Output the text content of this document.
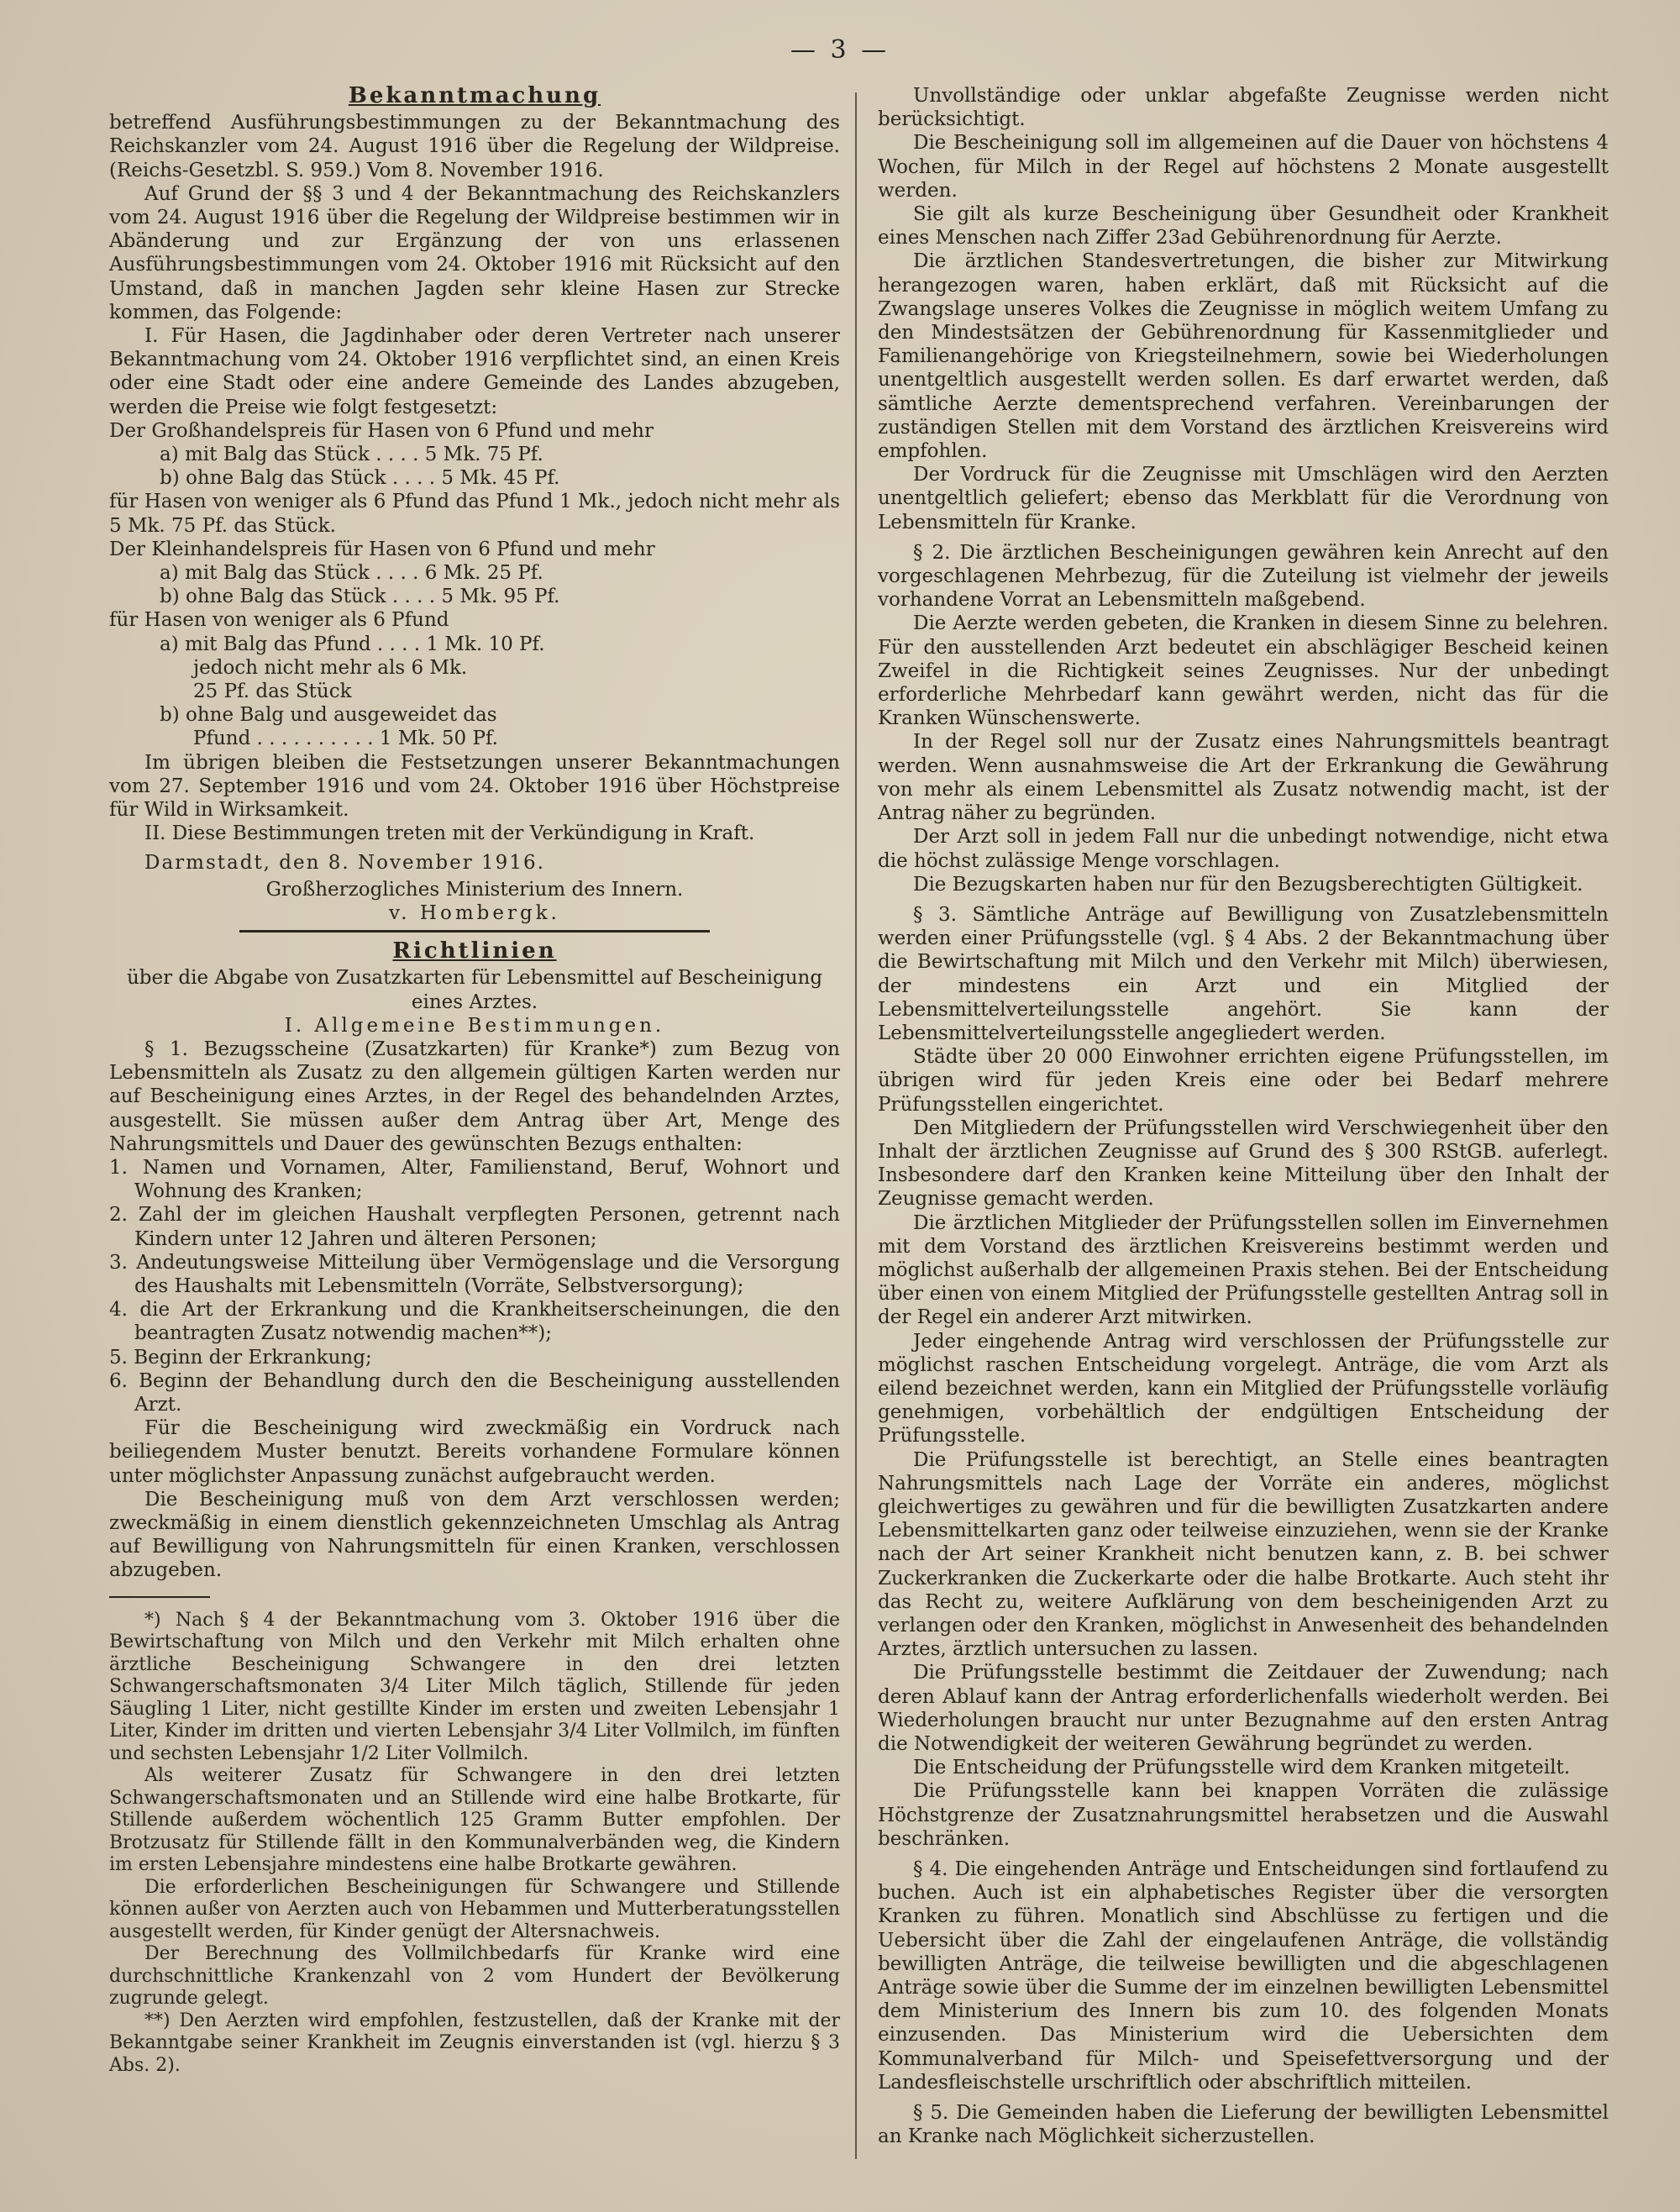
— 3 —

Bekanntmachung

betreffend Ausführungsbestimmungen zu der Bekanntmachung des Reichskanzler vom 24. August 1916 über die Regelung der Wildpreise. (Reichs-Gesetzbl. S. 959.) Vom 8. November 1916.

Auf Grund der §§ 3 und 4 der Bekanntmachung des Reichskanzlers vom 24. August 1916 über die Regelung der Wildpreise bestimmen wir in Abänderung und zur Ergänzung der von uns erlassenen Ausführungsbestimmungen vom 24. Oktober 1916 mit Rücksicht auf den Umstand, daß in manchen Jagden sehr kleine Hasen zur Strecke kommen, das Folgende:

I. Für Hasen, die Jagdinhaber oder deren Vertreter nach unserer Bekanntmachung vom 24. Oktober 1916 verpflichtet sind, an einen Kreis oder eine Stadt oder eine andere Gemeinde des Landes abzugeben, werden die Preise wie folgt festgesetzt:

Der Großhandelspreis für Hasen von 6 Pfund und mehr

a) mit Balg das Stück . . . . 5 Mk. 75 Pf.

b) ohne Balg das Stück . . . . 5 Mk. 45 Pf.

für Hasen von weniger als 6 Pfund das Pfund 1 Mk., jedoch nicht mehr als 5 Mk. 75 Pf. das Stück.

Der Kleinhandelspreis für Hasen von 6 Pfund und mehr

a) mit Balg das Stück . . . . 6 Mk. 25 Pf.

b) ohne Balg das Stück . . . . 5 Mk. 95 Pf.

für Hasen von weniger als 6 Pfund

a) mit Balg das Pfund . . . . 1 Mk. 10 Pf.

jedoch nicht mehr als 6 Mk.

25 Pf. das Stück

b) ohne Balg und ausgeweidet das

Pfund . . . . . . . . . . 1 Mk. 50 Pf.

Im übrigen bleiben die Festsetzungen unserer Bekanntmachungen vom 27. September 1916 und vom 24. Oktober 1916 über Höchstpreise für Wild in Wirksamkeit.

II. Diese Bestimmungen treten mit der Verkündigung in Kraft.

Darmstadt, den 8. November 1916.

Großherzogliches Ministerium des Innern.

v. Hombergk.

Richtlinien

über die Abgabe von Zusatzkarten für Lebensmittel auf Bescheinigung eines Arztes.

I. Allgemeine Bestimmungen.

§ 1. Bezugsscheine (Zusatzkarten) für Kranke*) zum Bezug von Lebensmitteln als Zusatz zu den allgemein gültigen Karten werden nur auf Bescheinigung eines Arztes, in der Regel des behandelnden Arztes, ausgestellt. Sie müssen außer dem Antrag über Art, Menge des Nahrungsmittels und Dauer des gewünschten Bezugs enthalten:

1. Namen und Vornamen, Alter, Familienstand, Beruf, Wohnort und Wohnung des Kranken;

2. Zahl der im gleichen Haushalt verpflegten Personen, getrennt nach Kindern unter 12 Jahren und älteren Personen;

3. Andeutungsweise Mitteilung über Vermögenslage und die Versorgung des Haushalts mit Lebensmitteln (Vorräte, Selbstversorgung);

4. die Art der Erkrankung und die Krankheitserscheinungen, die den beantragten Zusatz notwendig machen**);

5. Beginn der Erkrankung;

6. Beginn der Behandlung durch den die Bescheinigung ausstellenden Arzt.

Für die Bescheinigung wird zweckmäßig ein Vordruck nach beiliegendem Muster benutzt. Bereits vorhandene Formulare können unter möglichster Anpassung zunächst aufgebraucht werden.

Die Bescheinigung muß von dem Arzt verschlossen werden; zweckmäßig in einem dienstlich gekennzeichneten Umschlag als Antrag auf Bewilligung von Nahrungsmitteln für einen Kranken, verschlossen abzugeben.

*) Nach § 4 der Bekanntmachung vom 3. Oktober 1916 über die Bewirtschaftung von Milch und den Verkehr mit Milch erhalten ohne ärztliche Bescheinigung Schwangere in den drei letzten Schwangerschaftsmonaten 3/4 Liter Milch täglich, Stillende für jeden Säugling 1 Liter, nicht gestillte Kinder im ersten und zweiten Lebensjahr 1 Liter, Kinder im dritten und vierten Lebensjahr 3/4 Liter Vollmilch, im fünften und sechsten Lebensjahr 1/2 Liter Vollmilch.

Als weiterer Zusatz für Schwangere in den drei letzten Schwangerschaftsmonaten und an Stillende wird eine halbe Brotkarte, für Stillende außerdem wöchentlich 125 Gramm Butter empfohlen. Der Brotzusatz für Stillende fällt in den Kommunalverbänden weg, die Kindern im ersten Lebensjahre mindestens eine halbe Brotkarte gewähren.

Die erforderlichen Bescheinigungen für Schwangere und Stillende können außer von Aerzten auch von Hebammen und Mutterberatungsstellen ausgestellt werden, für Kinder genügt der Altersnachweis.

Der Berechnung des Vollmilchbedarfs für Kranke wird eine durchschnittliche Krankenzahl von 2 vom Hundert der Bevölkerung zugrunde gelegt.

**) Den Aerzten wird empfohlen, festzustellen, daß der Kranke mit der Bekanntgabe seiner Krankheit im Zeugnis einverstanden ist (vgl. hierzu § 3 Abs. 2).

Unvollständige oder unklar abgefaßte Zeugnisse werden nicht berücksichtigt.

Die Bescheinigung soll im allgemeinen auf die Dauer von höchstens 4 Wochen, für Milch in der Regel auf höchstens 2 Monate ausgestellt werden.

Sie gilt als kurze Bescheinigung über Gesundheit oder Krankheit eines Menschen nach Ziffer 23ad Gebührenordnung für Aerzte.

Die ärztlichen Standesvertretungen, die bisher zur Mitwirkung herangezogen waren, haben erklärt, daß mit Rücksicht auf die Zwangslage unseres Volkes die Zeugnisse in möglich weitem Umfang zu den Mindestsätzen der Gebührenordnung für Kassenmitglieder und Familienangehörige von Kriegsteilnehmern, sowie bei Wiederholungen unentgeltlich ausgestellt werden sollen. Es darf erwartet werden, daß sämtliche Aerzte dementsprechend verfahren. Vereinbarungen der zuständigen Stellen mit dem Vorstand des ärztlichen Kreisvereins wird empfohlen.

Der Vordruck für die Zeugnisse mit Umschlägen wird den Aerzten unentgeltlich geliefert; ebenso das Merkblatt für die Verordnung von Lebensmitteln für Kranke.

§ 2. Die ärztlichen Bescheinigungen gewähren kein Anrecht auf den vorgeschlagenen Mehrbezug, für die Zuteilung ist vielmehr der jeweils vorhandene Vorrat an Lebensmitteln maßgebend.

Die Aerzte werden gebeten, die Kranken in diesem Sinne zu belehren. Für den ausstellenden Arzt bedeutet ein abschlägiger Bescheid keinen Zweifel in die Richtigkeit seines Zeugnisses. Nur der unbedingt erforderliche Mehrbedarf kann gewährt werden, nicht das für die Kranken Wünschenswerte.

In der Regel soll nur der Zusatz eines Nahrungsmittels beantragt werden. Wenn ausnahmsweise die Art der Erkrankung die Gewährung von mehr als einem Lebensmittel als Zusatz notwendig macht, ist der Antrag näher zu begründen.

Der Arzt soll in jedem Fall nur die unbedingt notwendige, nicht etwa die höchst zulässige Menge vorschlagen.

Die Bezugskarten haben nur für den Bezugsberechtigten Gültigkeit.

§ 3. Sämtliche Anträge auf Bewilligung von Zusatzlebensmitteln werden einer Prüfungsstelle (vgl. § 4 Abs. 2 der Bekanntmachung über die Bewirtschaftung mit Milch und den Verkehr mit Milch) überwiesen, der mindestens ein Arzt und ein Mitglied der Lebensmittelverteilungsstelle angehört. Sie kann der Lebensmittelverteilungsstelle angegliedert werden.

Städte über 20 000 Einwohner errichten eigene Prüfungsstellen, im übrigen wird für jeden Kreis eine oder bei Bedarf mehrere Prüfungsstellen eingerichtet.

Den Mitgliedern der Prüfungsstellen wird Verschwiegenheit über den Inhalt der ärztlichen Zeugnisse auf Grund des § 300 RStGB. auferlegt. Insbesondere darf den Kranken keine Mitteilung über den Inhalt der Zeugnisse gemacht werden.

Die ärztlichen Mitglieder der Prüfungsstellen sollen im Einvernehmen mit dem Vorstand des ärztlichen Kreisvereins bestimmt werden und möglichst außerhalb der allgemeinen Praxis stehen. Bei der Entscheidung über einen von einem Mitglied der Prüfungsstelle gestellten Antrag soll in der Regel ein anderer Arzt mitwirken.

Jeder eingehende Antrag wird verschlossen der Prüfungsstelle zur möglichst raschen Entscheidung vorgelegt. Anträge, die vom Arzt als eilend bezeichnet werden, kann ein Mitglied der Prüfungsstelle vorläufig genehmigen, vorbehältlich der endgültigen Entscheidung der Prüfungsstelle.

Die Prüfungsstelle ist berechtigt, an Stelle eines beantragten Nahrungsmittels nach Lage der Vorräte ein anderes, möglichst gleichwertiges zu gewähren und für die bewilligten Zusatzkarten andere Lebensmittelkarten ganz oder teilweise einzuziehen, wenn sie der Kranke nach der Art seiner Krankheit nicht benutzen kann, z. B. bei schwer Zuckerkranken die Zuckerkarte oder die halbe Brotkarte. Auch steht ihr das Recht zu, weitere Aufklärung von dem bescheinigenden Arzt zu verlangen oder den Kranken, möglichst in Anwesenheit des behandelnden Arztes, ärztlich untersuchen zu lassen.

Die Prüfungsstelle bestimmt die Zeitdauer der Zuwendung; nach deren Ablauf kann der Antrag erforderlichenfalls wiederholt werden. Bei Wiederholungen braucht nur unter Bezugnahme auf den ersten Antrag die Notwendigkeit der weiteren Gewährung begründet zu werden.

Die Entscheidung der Prüfungsstelle wird dem Kranken mitgeteilt.

Die Prüfungsstelle kann bei knappen Vorräten die zulässige Höchstgrenze der Zusatznahrungsmittel herabsetzen und die Auswahl beschränken.

§ 4. Die eingehenden Anträge und Entscheidungen sind fortlaufend zu buchen. Auch ist ein alphabetisches Register über die versorgten Kranken zu führen. Monatlich sind Abschlüsse zu fertigen und die Uebersicht über die Zahl der eingelaufenen Anträge, die vollständig bewilligten Anträge, die teilweise bewilligten und die abgeschlagenen Anträge sowie über die Summe der im einzelnen bewilligten Lebensmittel dem Ministerium des Innern bis zum 10. des folgenden Monats einzusenden. Das Ministerium wird die Uebersichten dem Kommunalverband für Milch- und Speisefettversorgung und der Landesfleischstelle urschriftlich oder abschriftlich mitteilen.

§ 5. Die Gemeinden haben die Lieferung der bewilligten Lebensmittel an Kranke nach Möglichkeit sicherzustellen.
